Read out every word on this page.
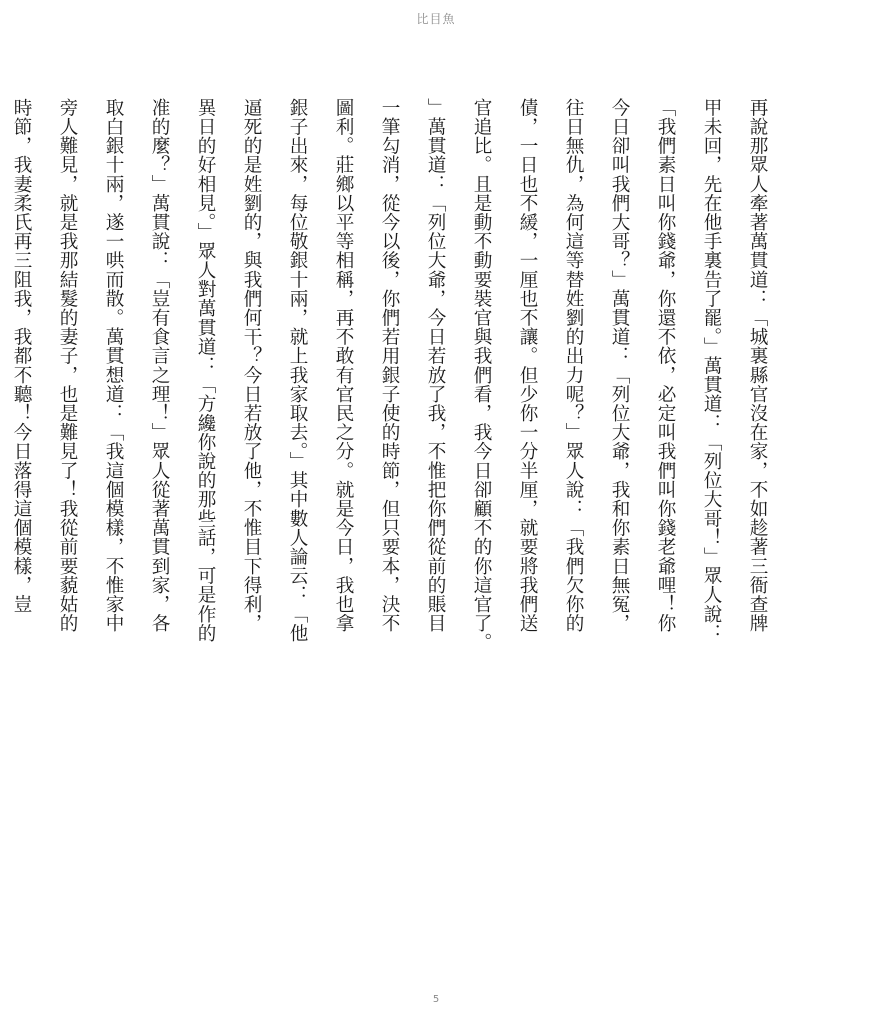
比目魚

再說那眾人牽著萬貫道：「城裏縣官沒在家，不如趁著三衙查牌甲未回，先在他手裏告了罷。」萬貫道：「列位大哥！」眾人說：「我們素日叫你錢爺，你還不依，必定叫我們叫你錢老爺哩！你今日卻叫我們大哥？」萬貫道：「列位大爺，我和你素日無冤，往日無仇，為何這等替姓劉的出力呢？」眾人說：「我們欠你的債，一日也不緩，一厘也不讓。但少你一分半厘，就要將我們送官追比。且是動不動要裝官與我們看，我今日卻顧不的你這官了。」萬貫道：「列位大爺，今日若放了我，不惟把你們從前的賬目一筆勾消，從今以後，你們若用銀子使的時節，但只要本，決不圖利。莊鄉以平等相稱，再不敢有官民之分。就是今日，我也拿銀子出來，每位敬銀十兩，就上我家取去。」其中數人論云：「他逼死的是姓劉的，與我們何干？今日若放了他，不惟目下得利，異日的好相見。」眾人對萬貫道：「方纔你說的那些話，可是作的准的麼？」萬貫說：「豈有食言之理！」眾人從著萬貫到家，各取白銀十兩，遂一哄而散。萬貫想道：「我這個模樣，不惟家中旁人難見，就是我那結髮的妻子，也是難見了！我從前要藐姑的時節，我妻柔氏再三阻我，我都不聽！今日落得這個模樣，豈

5
